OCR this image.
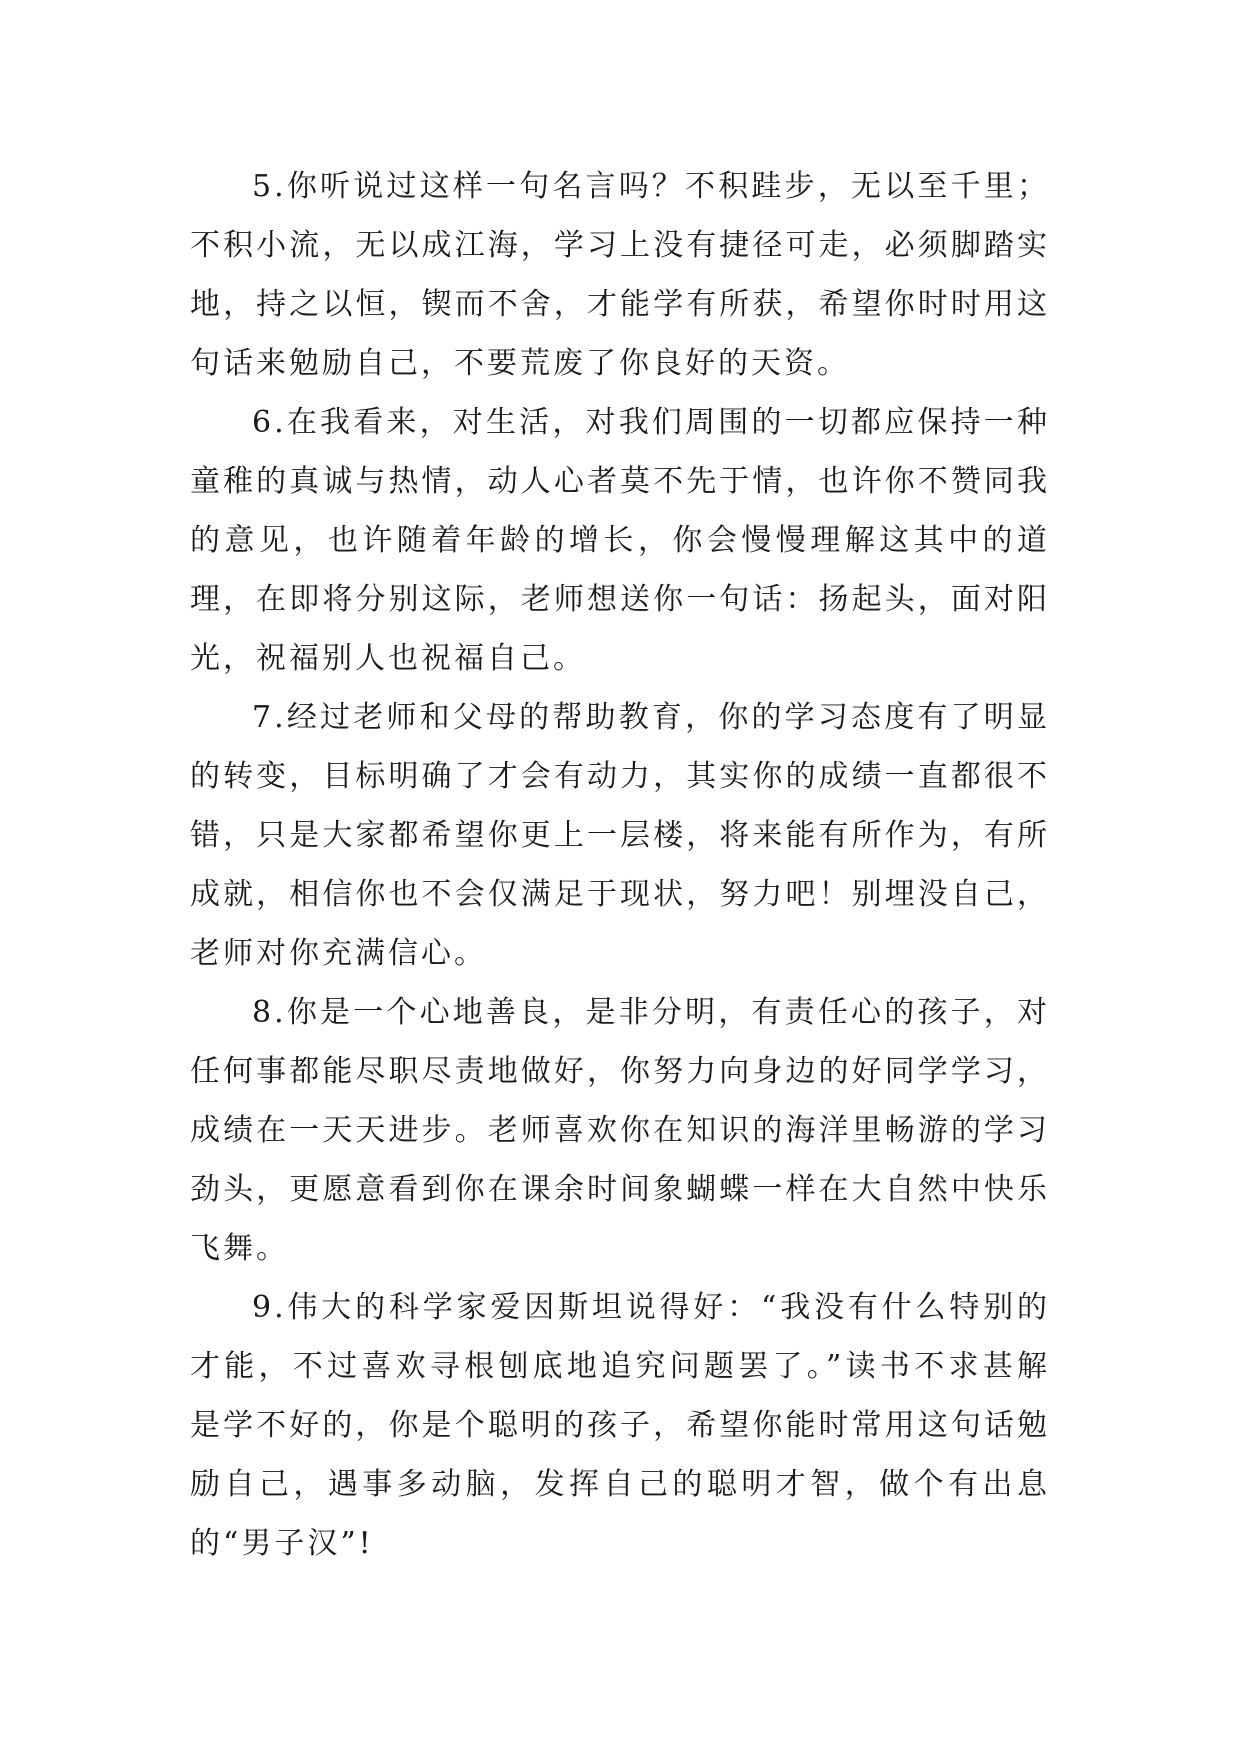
5.你听说过这样一句名言吗？不积跬步，无以至千里；不积小流，无以成江海，学习上没有捷径可走，必须脚踏实地，持之以恒，锲而不舍，才能学有所获，希望你时时用这句话来勉励自己，不要荒废了你良好的天资。

6.在我看来，对生活，对我们周围的一切都应保持一种童稚的真诚与热情，动人心者莫不先于情，也许你不赞同我的意见，也许随着年龄的增长，你会慢慢理解这其中的道理，在即将分别这际，老师想送你一句话：扬起头，面对阳光，祝福别人也祝福自己。

7.经过老师和父母的帮助教育，你的学习态度有了明显的转变，目标明确了才会有动力，其实你的成绩一直都很不错，只是大家都希望你更上一层楼，将来能有所作为，有所成就，相信你也不会仅满足于现状，努力吧！别埋没自己，老师对你充满信心。

8.你是一个心地善良，是非分明，有责任心的孩子，对任何事都能尽职尽责地做好，你努力向身边的好同学学习，成绩在一天天进步。老师喜欢你在知识的海洋里畅游的学习劲头，更愿意看到你在课余时间象蝴蝶一样在大自然中快乐飞舞。

9.伟大的科学家爱因斯坦说得好：“我没有什么特别的才能，不过喜欢寻根刨底地追究问题罢了。”读书不求甚解是学不好的，你是个聪明的孩子，希望你能时常用这句话勉励自己，遇事多动脑，发挥自己的聪明才智，做个有出息的“男子汉”!
